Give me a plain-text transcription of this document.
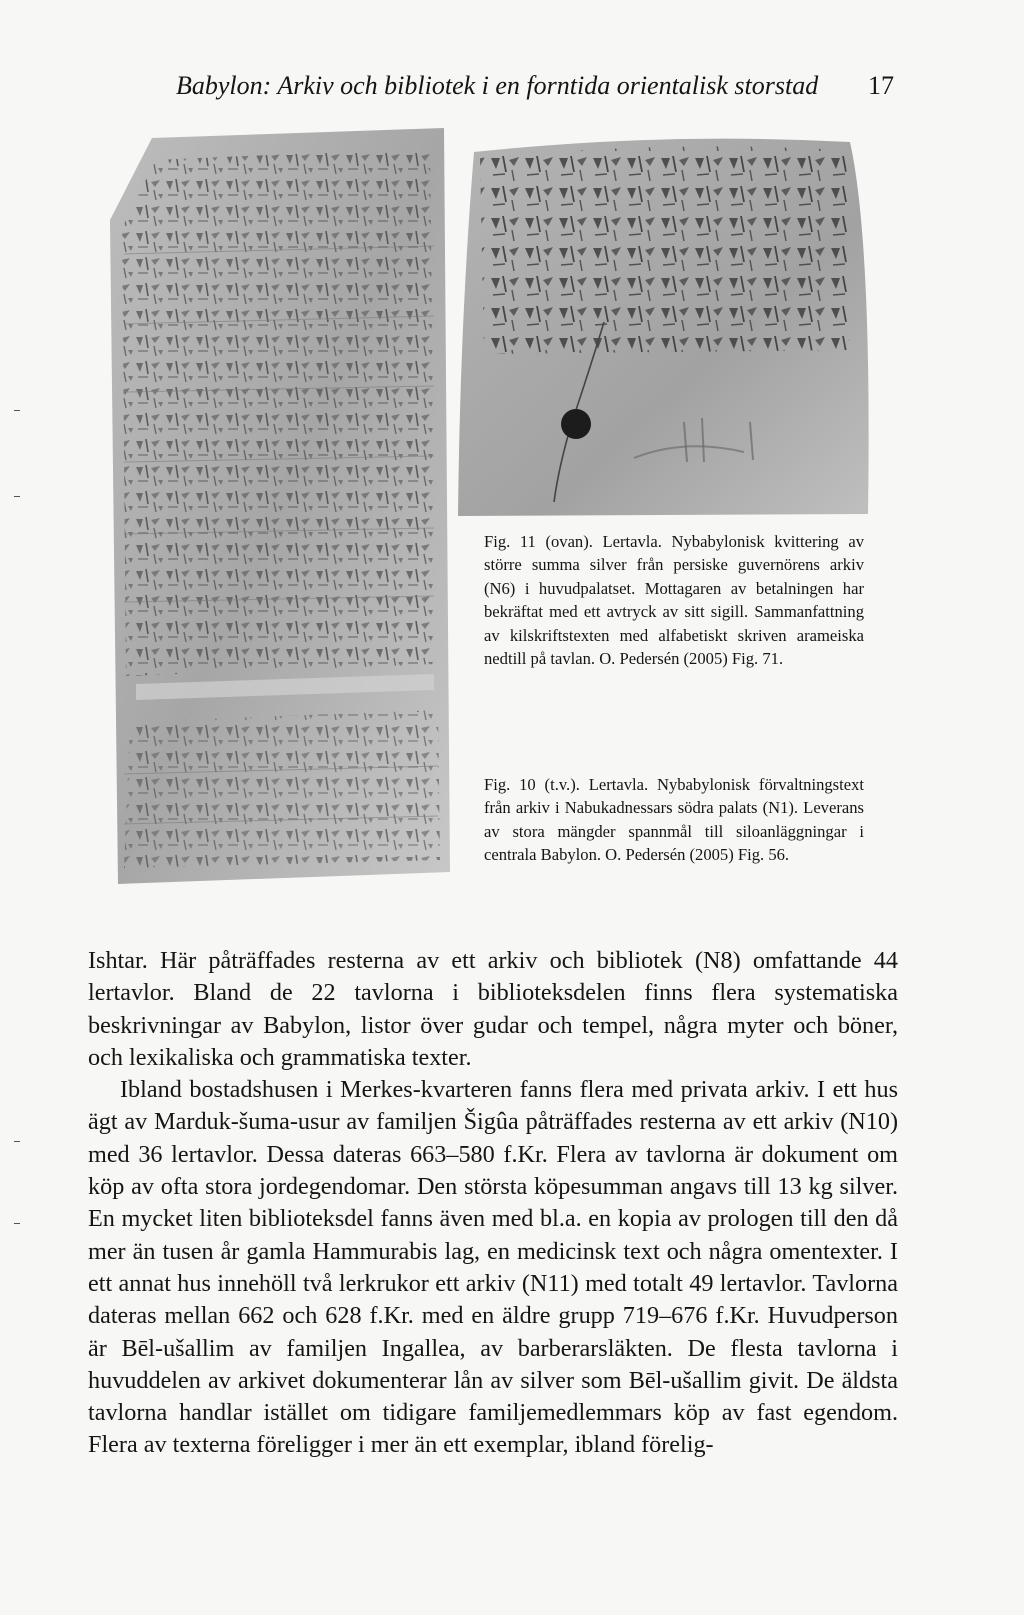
Babylon: Arkiv och bibliotek i en forntida orientalisk storstad 17

Fig. 11 (ovan). Lertavla. Nybabylonisk kvittering av större summa silver från persiske guvernörens arkiv (N6) i huvudpalatset. Mottagaren av betalningen har bekräftat med ett avtryck av sitt sigill. Sammanfattning av kilskriftstexten med alfabetiskt skriven arameiska nedtill på tavlan. O. Pedersén (2005) Fig. 71.

Fig. 10 (t.v.). Lertavla. Nybabylonisk förvaltningstext från arkiv i Nabukadnessars södra palats (N1). Leverans av stora mängder spannmål till siloanläggningar i centrala Babylon. O. Pedersén (2005) Fig. 56.

Ishtar. Här påträffades resterna av ett arkiv och bibliotek (N8) omfattande 44 lertavlor. Bland de 22 tavlorna i biblioteksdelen finns flera systematiska beskrivningar av Babylon, listor över gudar och tempel, några myter och böner, och lexikaliska och grammatiska texter.

Ibland bostadshusen i Merkes-kvarteren fanns flera med privata arkiv. I ett hus ägt av Marduk-šuma-usur av familjen Šigûa påträffades resterna av ett arkiv (N10) med 36 lertavlor. Dessa dateras 663–580 f.Kr. Flera av tavlorna är dokument om köp av ofta stora jordegendomar. Den största köpesumman angavs till 13 kg silver. En mycket liten biblioteksdel fanns även med bl.a. en kopia av prologen till den då mer än tusen år gamla Hammurabis lag, en medicinsk text och några omentexter. I ett annat hus innehöll två lerkrukor ett arkiv (N11) med totalt 49 lertavlor. Tavlorna dateras mellan 662 och 628 f.Kr. med en äldre grupp 719–676 f.Kr. Huvudperson är Bēl-ušallim av familjen Ingallea, av barberarsläkten. De flesta tavlorna i huvuddelen av arkivet dokumenterar lån av silver som Bēl-ušallim givit. De äldsta tavlorna handlar istället om tidigare familjemedlemmars köp av fast egendom. Flera av texterna föreligger i mer än ett exemplar, ibland förelig-
